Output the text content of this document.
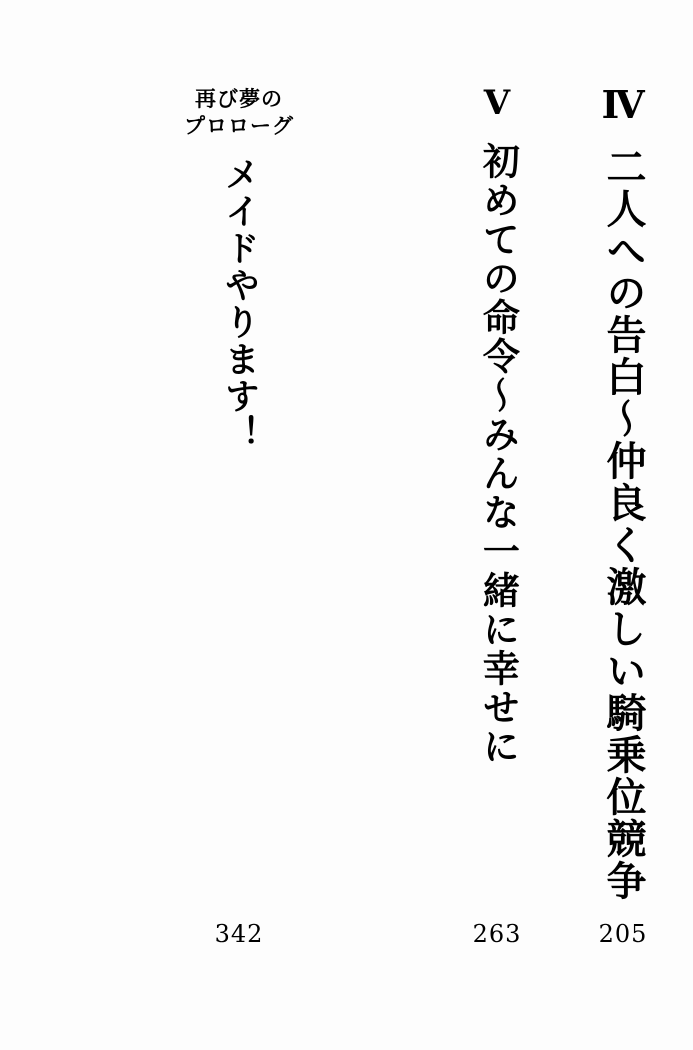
Ⅳ
二人への告白〜仲良く激しい騎乗位競争
205
Ⅴ
初めての命令〜みんな一緒に幸せに
263
再び夢の
プロローグ
メイドやります！
342
